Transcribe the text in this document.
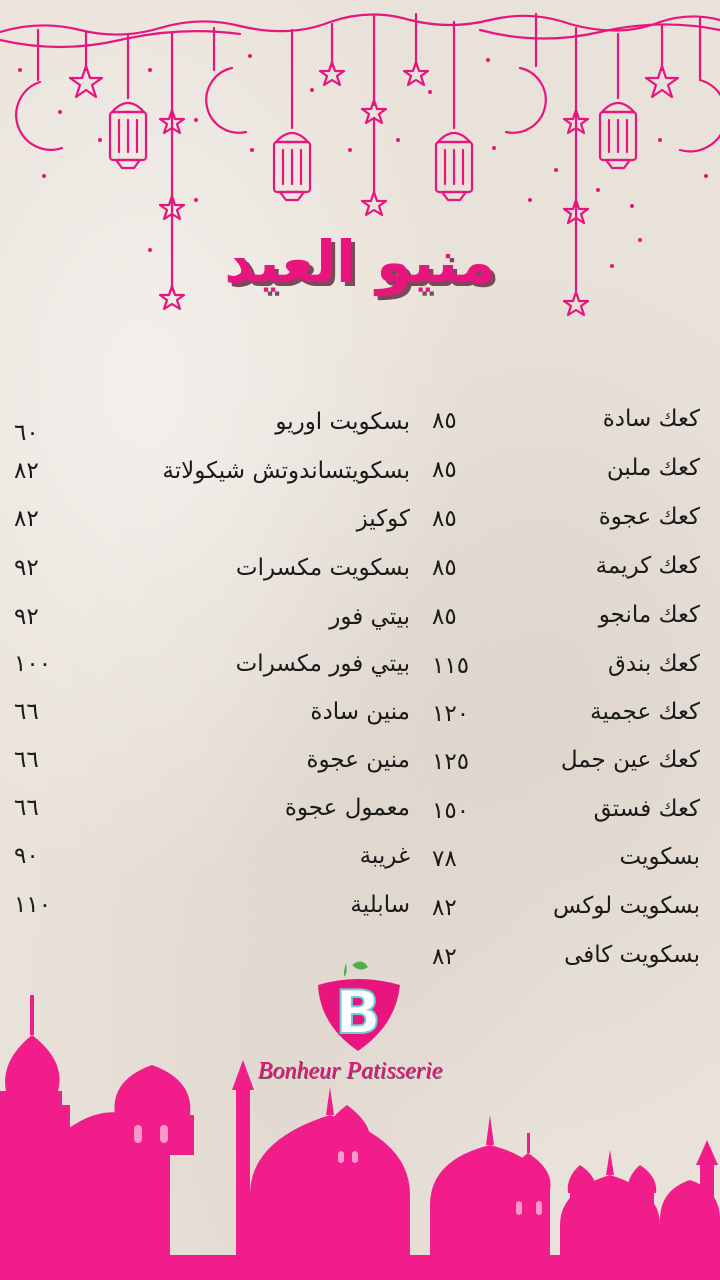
منيو العيد
كعك سادة
٨٥
كعك ملبن
٨٥
كعك عجوة
٨٥
كعك كريمة
٨٥
كعك مانجو
٨٥
كعك بندق
١١٥
كعك عجمية
١٢٠
كعك عين جمل
١٢٥
كعك فستق
١٥٠
بسكويت
٧٨
بسكويت لوكس
٨٢
بسكويت كافى
٨٢
بسكويت اوريو
٦٠
بسكويتساندوتش شيكولاتة
٨٢
كوكيز
٨٢
بسكويت مكسرات
٩٢
بيتي فور
٩٢
بيتي فور مكسرات
١٠٠
منين سادة
٦٦
منين عجوة
٦٦
معمول عجوة
٦٦
غريبة
٩٠
سابلية
١١٠
B
Bonheur Patisserie
